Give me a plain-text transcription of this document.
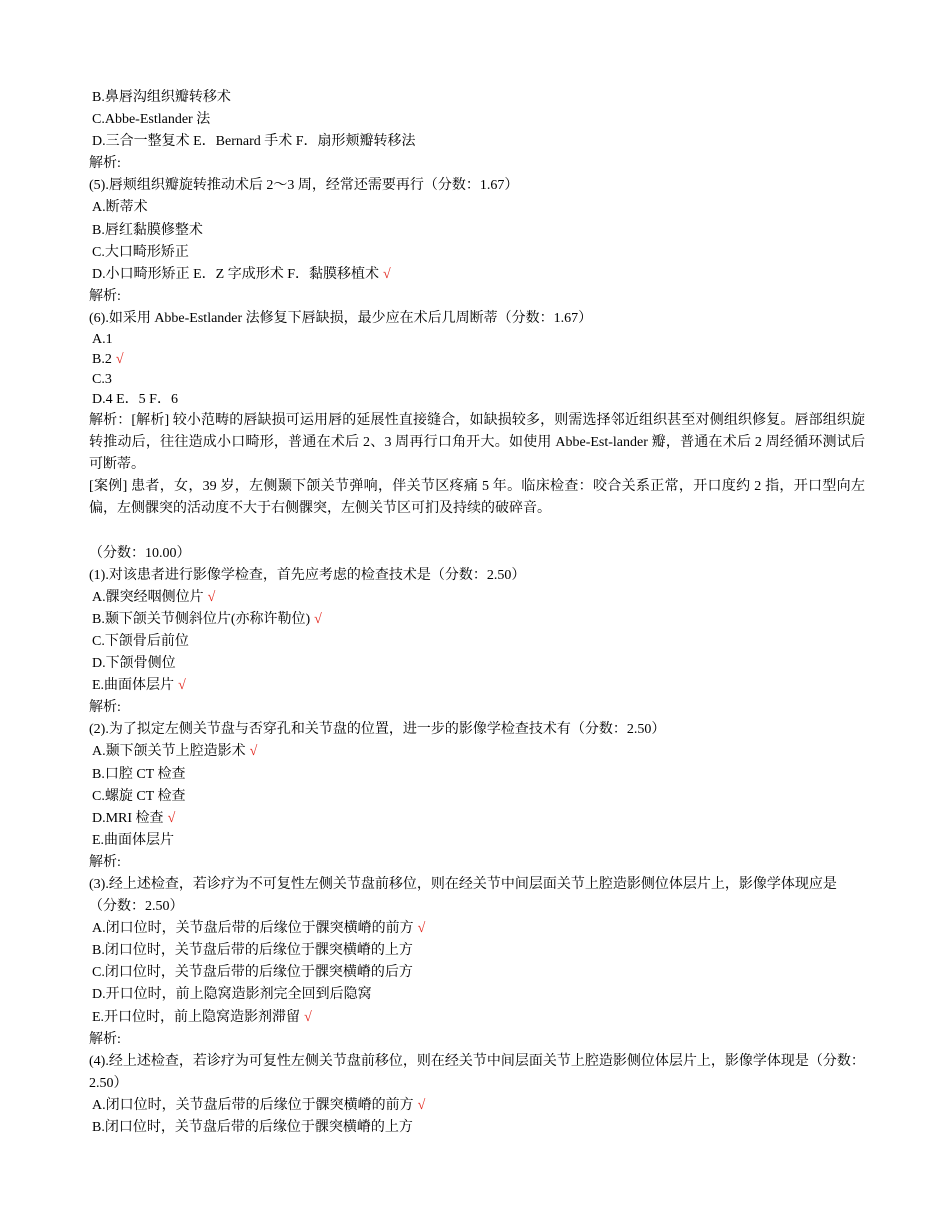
B.鼻唇沟组织瓣转移术
C.Abbe-Estlander 法
D.三合一整复术 E．Bernard 手术 F．扇形颊瓣转移法
解析:
(5).唇颊组织瓣旋转推动术后 2～3 周，经常还需要再行（分数：1.67）
A.断蒂术
B.唇红黏膜修整术
C.大口畸形矫正
D.小口畸形矫正 E．Z 字成形术 F．黏膜移植术 √
解析:
(6).如采用 Abbe-Estlander 法修复下唇缺损，最少应在术后几周断蒂（分数：1.67）
A.1
B.2 √
C.3
D.4 E．5 F．6
解析：[解析] 较小范畴的唇缺损可运用唇的延展性直接缝合，如缺损较多，则需选择邻近组织甚至对侧组织修复。唇部组织旋转推动后，往往造成小口畸形，普通在术后 2、3 周再行口角开大。如使用 Abbe-Est-lander 瓣，普通在术后 2 周经循环测试后可断蒂。
[案例] 患者，女，39 岁，左侧颞下颌关节弹响，伴关节区疼痛 5 年。临床检查：咬合关系正常，开口度约 2 指，开口型向左偏，左侧髁突的活动度不大于右侧髁突，左侧关节区可扪及持续的破碎音。
（分数：10.00）
(1).对该患者进行影像学检查，首先应考虑的检查技术是（分数：2.50）
A.髁突经咽侧位片 √
B.颞下颌关节侧斜位片(亦称许勒位) √
C.下颌骨后前位
D.下颌骨侧位
E.曲面体层片 √
解析:
(2).为了拟定左侧关节盘与否穿孔和关节盘的位置，进一步的影像学检查技术有（分数：2.50）
A.颞下颌关节上腔造影术 √
B.口腔 CT 检查
C.螺旋 CT 检查
D.MRI 检查 √
E.曲面体层片
解析:
(3).经上述检查，若诊疗为不可复性左侧关节盘前移位，则在经关节中间层面关节上腔造影侧位体层片上，影像学体现应是
（分数：2.50）
A.闭口位时，关节盘后带的后缘位于髁突横嵴的前方 √
B.闭口位时，关节盘后带的后缘位于髁突横嵴的上方
C.闭口位时，关节盘后带的后缘位于髁突横嵴的后方
D.开口位时，前上隐窝造影剂完全回到后隐窝
E.开口位时，前上隐窝造影剂滞留 √
解析:
(4).经上述检查，若诊疗为可复性左侧关节盘前移位，则在经关节中间层面关节上腔造影侧位体层片上，影像学体现是（分数：
2.50）
A.闭口位时，关节盘后带的后缘位于髁突横嵴的前方 √
B.闭口位时，关节盘后带的后缘位于髁突横嵴的上方
